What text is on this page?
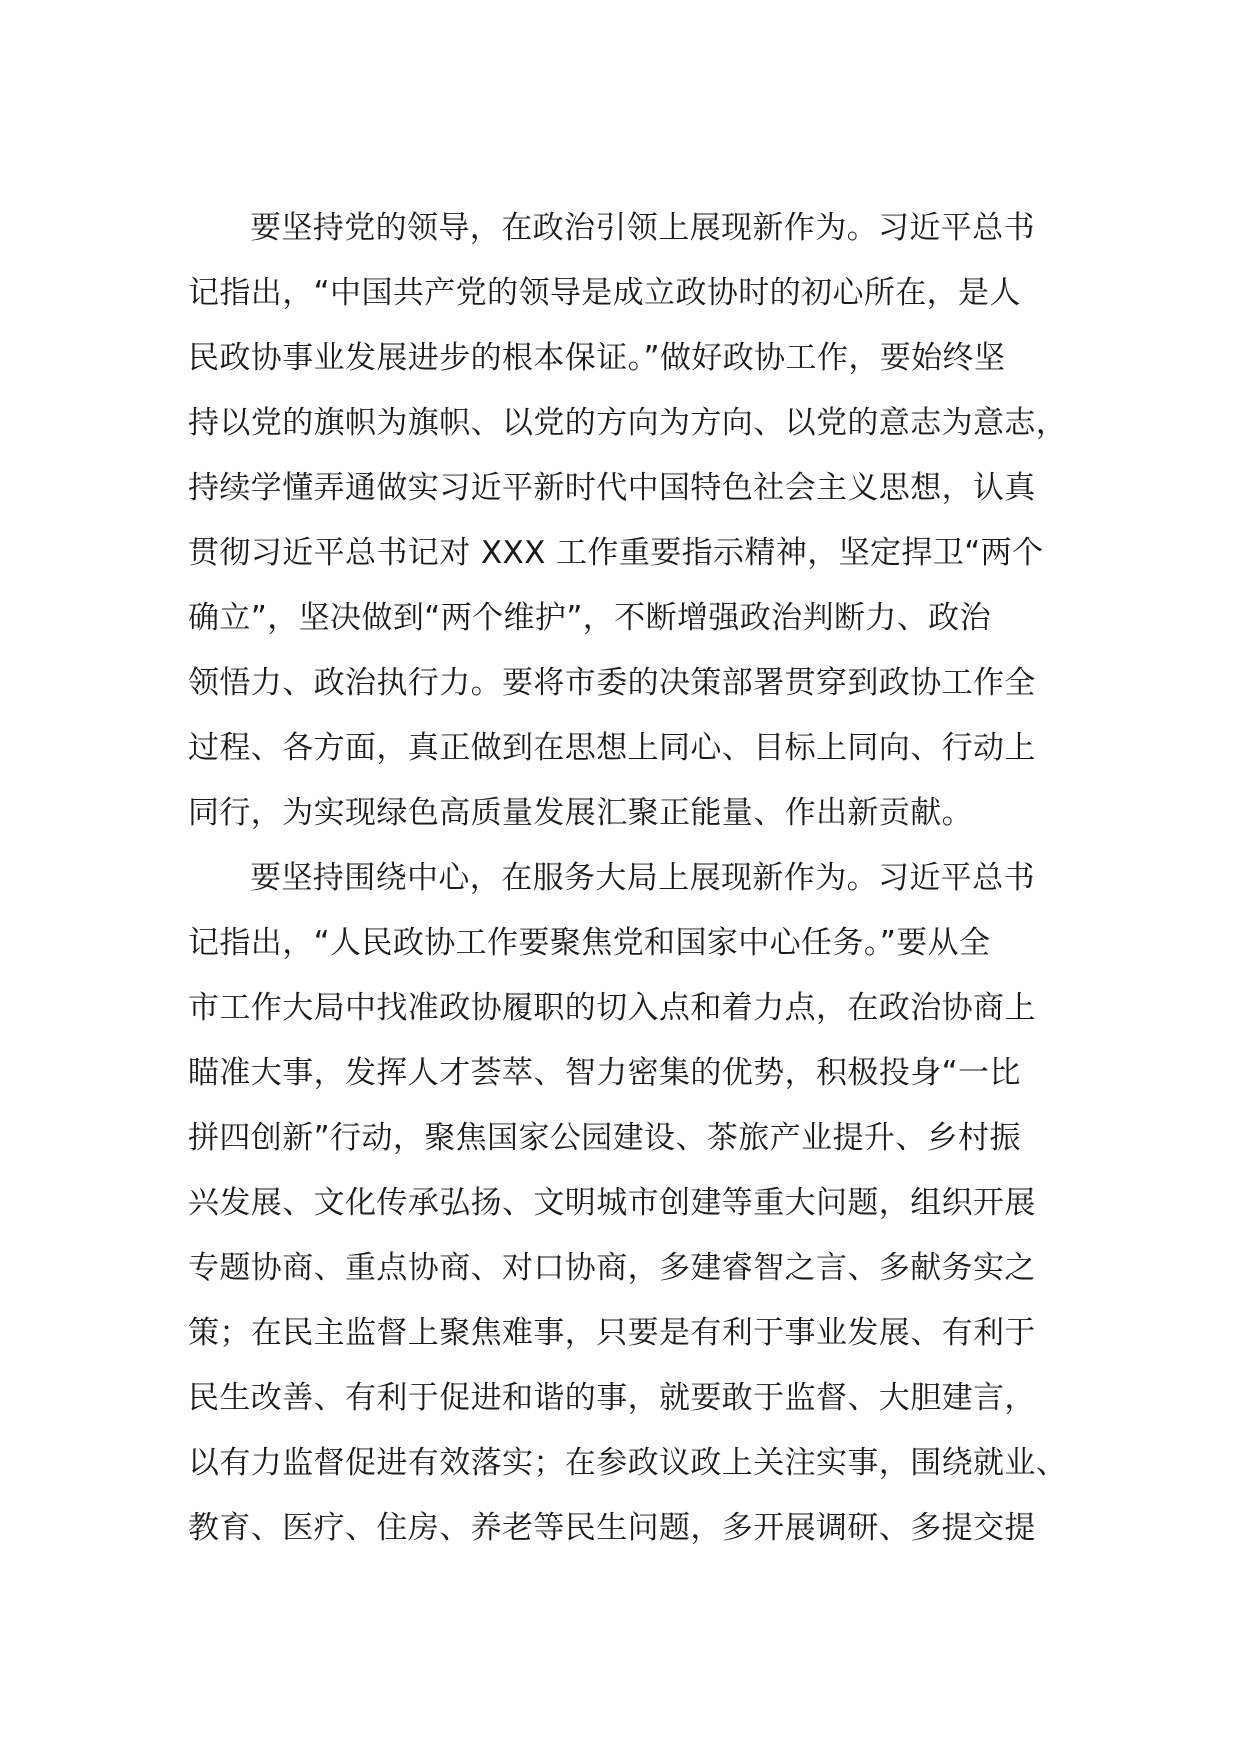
要坚持党的领导，在政治引领上展现新作为。习近平总书
记指出，“中国共产党的领导是成立政协时的初心所在，是人
民政协事业发展进步的根本保证。”做好政协工作，要始终坚
持以党的旗帜为旗帜、以党的方向为方向、以党的意志为意志，
持续学懂弄通做实习近平新时代中国特色社会主义思想，认真
贯彻习近平总书记对 XXX 工作重要指示精神，坚定捍卫“两个
确立”，坚决做到“两个维护”，不断增强政治判断力、政治
领悟力、政治执行力。要将市委的决策部署贯穿到政协工作全
过程、各方面，真正做到在思想上同心、目标上同向、行动上
同行，为实现绿色高质量发展汇聚正能量、作出新贡献。
要坚持围绕中心，在服务大局上展现新作为。习近平总书
记指出，“人民政协工作要聚焦党和国家中心任务。”要从全
市工作大局中找准政协履职的切入点和着力点，在政治协商上
瞄准大事，发挥人才荟萃、智力密集的优势，积极投身“一比
拼四创新”行动，聚焦国家公园建设、茶旅产业提升、乡村振
兴发展、文化传承弘扬、文明城市创建等重大问题，组织开展
专题协商、重点协商、对口协商，多建睿智之言、多献务实之
策；在民主监督上聚焦难事，只要是有利于事业发展、有利于
民生改善、有利于促进和谐的事，就要敢于监督、大胆建言，
以有力监督促进有效落实；在参政议政上关注实事，围绕就业、
教育、医疗、住房、养老等民生问题，多开展调研、多提交提
